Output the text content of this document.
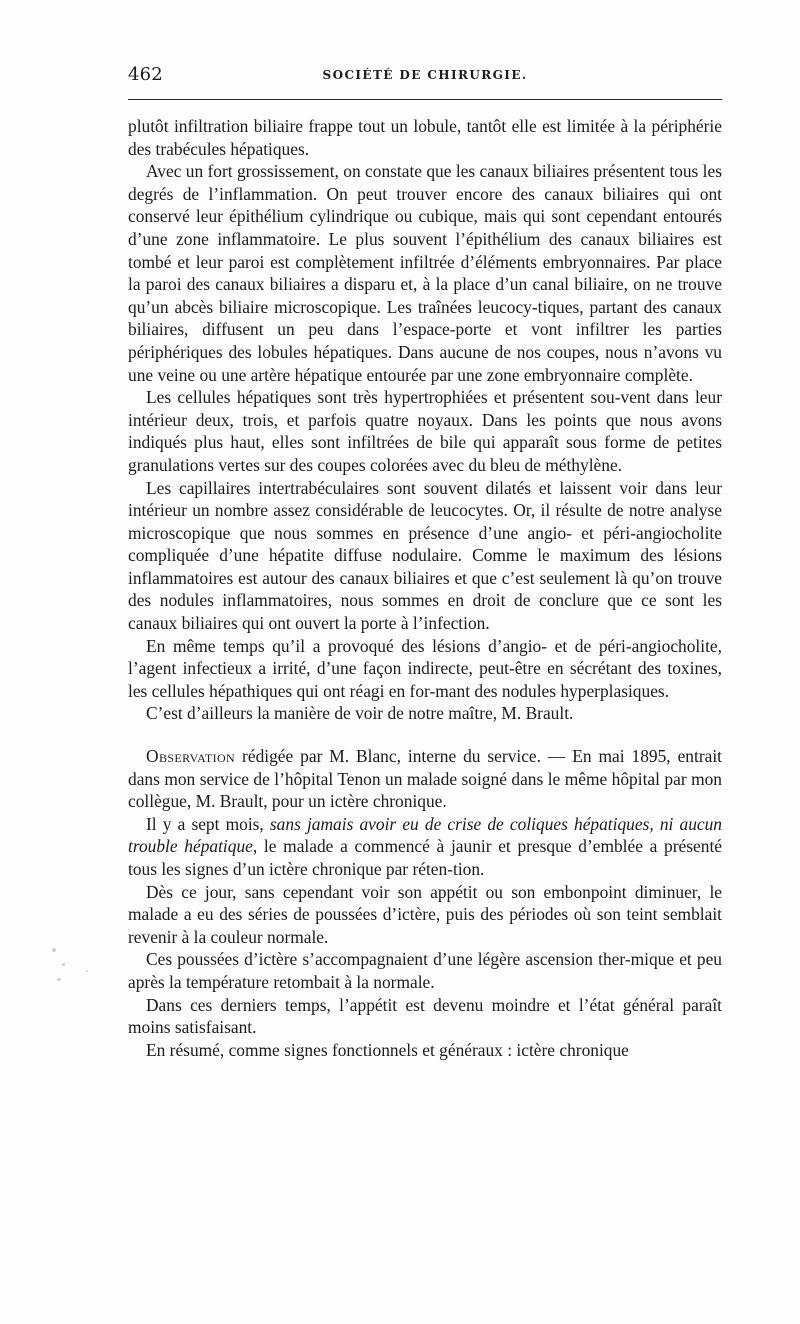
462	SOCIÉTÉ DE CHIRURGIE.

plutôt infiltration biliaire frappe tout un lobule, tantôt elle est limitée à la périphérie des trabécules hépatiques.

Avec un fort grossissement, on constate que les canaux biliaires présentent tous les degrés de l’inflammation. On peut trouver encore des canaux biliaires qui ont conservé leur épithélium cylindrique ou cubique, mais qui sont cependant entourés d’une zone inflammatoire. Le plus souvent l’épithélium des canaux biliaires est tombé et leur paroi est complètement infiltrée d’éléments embryonnaires. Par place la paroi des canaux biliaires a disparu et, à la place d’un canal biliaire, on ne trouve qu’un abcès biliaire microscopique. Les traînées leucocy-tiques, partant des canaux biliaires, diffusent un peu dans l’espace-porte et vont infiltrer les parties périphériques des lobules hépatiques. Dans aucune de nos coupes, nous n’avons vu une veine ou une artère hépatique entourée par une zone embryonnaire complète.

Les cellules hépatiques sont très hypertrophiées et présentent sou-vent dans leur intérieur deux, trois, et parfois quatre noyaux. Dans les points que nous avons indiqués plus haut, elles sont infiltrées de bile qui apparaît sous forme de petites granulations vertes sur des coupes colorées avec du bleu de méthylène.

Les capillaires intertrabéculaires sont souvent dilatés et laissent voir dans leur intérieur un nombre assez considérable de leucocytes. Or, il résulte de notre analyse microscopique que nous sommes en présence d’une angio- et péri-angiocholite compliquée d’une hépatite diffuse nodulaire. Comme le maximum des lésions inflammatoires est autour des canaux biliaires et que c’est seulement là qu’on trouve des nodules inflammatoires, nous sommes en droit de conclure que ce sont les canaux biliaires qui ont ouvert la porte à l’infection.

En même temps qu’il a provoqué des lésions d’angio- et de péri-angiocholite, l’agent infectieux a irrité, d’une façon indirecte, peut-être en sécrétant des toxines, les cellules hépathiques qui ont réagi en for-mant des nodules hyperplasiques.

C’est d’ailleurs la manière de voir de notre maître, M. Brault.

Observation rédigée par M. Blanc, interne du service. — En mai 1895, entrait dans mon service de l’hôpital Tenon un malade soigné dans le même hôpital par mon collègue, M. Brault, pour un ictère chronique.

Il y a sept mois, sans jamais avoir eu de crise de coliques hépatiques, ni aucun trouble hépatique, le malade a commencé à jaunir et presque d’emblée a présenté tous les signes d’un ictère chronique par réten-tion.

Dès ce jour, sans cependant voir son appétit ou son embonpoint diminuer, le malade a eu des séries de poussées d’ictère, puis des périodes où son teint semblait revenir à la couleur normale.

Ces poussées d’ictère s’accompagnaient d’une légère ascension ther-mique et peu après la température retombait à la normale.

Dans ces derniers temps, l’appétit est devenu moindre et l’état général paraît moins satisfaisant.

En résumé, comme signes fonctionnels et généraux : ictère chronique
